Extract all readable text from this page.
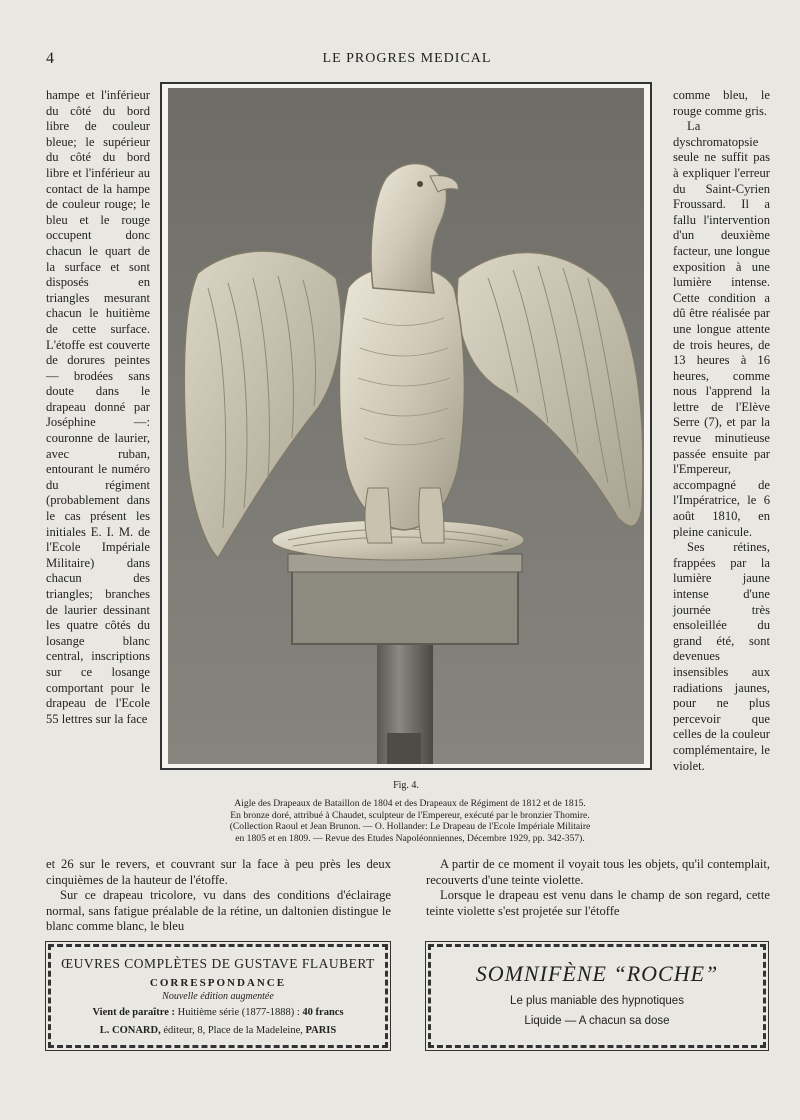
4	LE PROGRES MEDICAL

hampe et l'inférieur du côté du bord libre de couleur bleue; le supérieur du côté du bord libre et l'inférieur au contact de la hampe de couleur rouge; le bleu et le rouge occupent donc chacun le quart de la surface et sont disposés en triangles mesurant chacun le huitième de cette surface. L'étoffe est couverte de dorures peintes — brodées sans doute dans le drapeau donné par Joséphine —: couronne de laurier, avec ruban, entourant le numéro du régiment (probablement dans le cas présent les initiales E. I. M. de l'Ecole Impériale Militaire) dans chacun des triangles; branches de laurier dessinant les quatre côtés du losange blanc central, inscriptions sur ce losange comportant pour le drapeau de l'Ecole 55 lettres sur la face

Fig. 4.
Aigle des Drapeaux de Bataillon de 1804 et des Drapeaux de Régiment de 1812 et de 1815.
En bronze doré, attribué à Chaudet, sculpteur de l'Empereur, exécuté par le bronzier Thomire.
(Collection Raoul et Jean Brunon. — O. Hollander: Le Drapeau de l'Ecole Impériale Militaire
en 1805 et en 1809. — Revue des Etudes Napoléonniennes, Décembre 1929, pp. 342-357).

comme bleu, le rouge comme gris.

La dyschromatopsie seule ne suffit pas à expliquer l'erreur du Saint-Cyrien Froussard. Il a fallu l'intervention d'un deuxième facteur, une longue exposition à une lumière intense. Cette condition a dû être réalisée par une longue attente de trois heures, de 13 heures à 16 heures, comme nous l'apprend la lettre de l'Elève Serre (7), et par la revue minutieuse passée ensuite par l'Empereur, accompagné de l'Impératrice, le 6 août 1810, en pleine canicule.

Ses rétines, frappées par la lumière jaune intense d'une journée très ensoleillée du grand été, sont devenues insensibles aux radiations jaunes, pour ne plus percevoir que celles de la couleur complémentaire, le violet.

et 26 sur le revers, et couvrant sur la face à peu près les deux cinquièmes de la hauteur de l'étoffe.

Sur ce drapeau tricolore, vu dans des conditions d'éclairage normal, sans fatigue préalable de la rétine, un daltonien distingue le blanc comme blanc, le bleu

A partir de ce moment il voyait tous les objets, qu'il contemplait, recouverts d'une teinte violette.

Lorsque le drapeau est venu dans le champ de son regard, cette teinte violette s'est projetée sur l'étoffe

ŒUVRES COMPLÈTES DE GUSTAVE FLAUBERT
CORRESPONDANCE
Nouvelle édition augmentée
Vient de paraître : Huitième série (1877-1888) : 40 francs
L. CONARD, éditeur, 8, Place de la Madeleine, PARIS
SOMNIFÈNE “ROCHE”
Le plus maniable des hypnotiques
Liquide — A chacun sa dose
